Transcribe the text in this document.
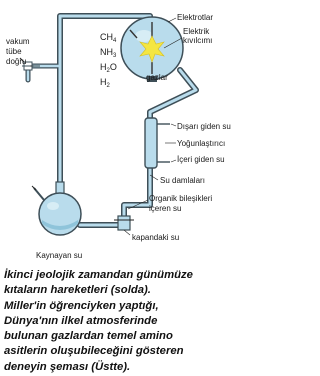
vakum
tübe
doğru
Elektrotlar
Elektrik
kıvılcımı
gazlar
$CH_4$
$NH_3$
$H_2O$
$H_2$
Dışarı giden su
Yoğunlaştırıcı
İçeri giden su
Su damlaları
Organik bileşikleri
içeren su
kapandaki su
Kaynayan su
İkinci jeolojik zamandan günümüze
kıtaların hareketleri (solda).
Miller'in öğrenciyken yaptığı,
Dünya'nın ilkel atmosferinde
bulunan gazlardan temel amino
asitlerin oluşubileceğini gösteren
deneyin şeması (Üstte).
